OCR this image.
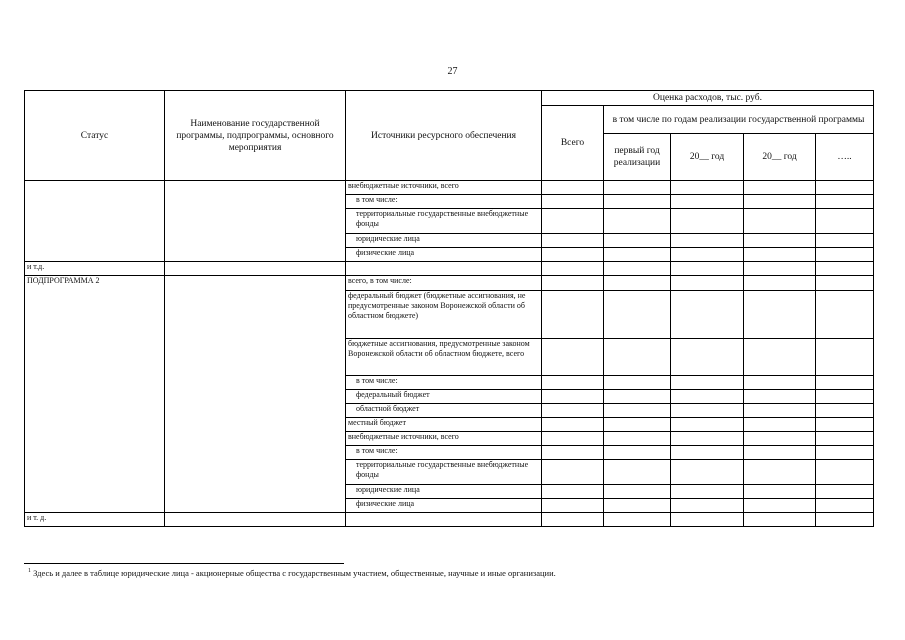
27
Статус	Наименование государственной программы, подпрограммы, основного мероприятия	Источники ресурсного обеспечения	Оценка расходов, тыс. руб.				
			Всего	в том числе по годам реализации государственной программы			
				первый год реализации	20__ год	20__ год	…..
		внебюджетные источники, всего					
		в том числе:					
		территориальные государственные внебюджетные фонды					
		юридические лица					
		физические лица					
и т.д.							
ПОДПРОГРАММА 2		всего, в том числе:					
		федеральный бюджет (бюджетные ассигнования, не предусмотренные законом Воронежской области об областном бюджете)					
		бюджетные ассигнования, предусмотренные законом Воронежской области об областном бюджете, всего					
		в том числе:					
		федеральный бюджет					
		областной бюджет					
		местный бюджет					
		внебюджетные источники, всего					
		в том числе:					
		территориальные государственные внебюджетные фонды					
		юридические лица					
		физические лица					
и т. д.							
$^1$ Здесь и далее в таблице юридические лица - акционерные общества с государственным участием, общественные, научные и иные организации.
